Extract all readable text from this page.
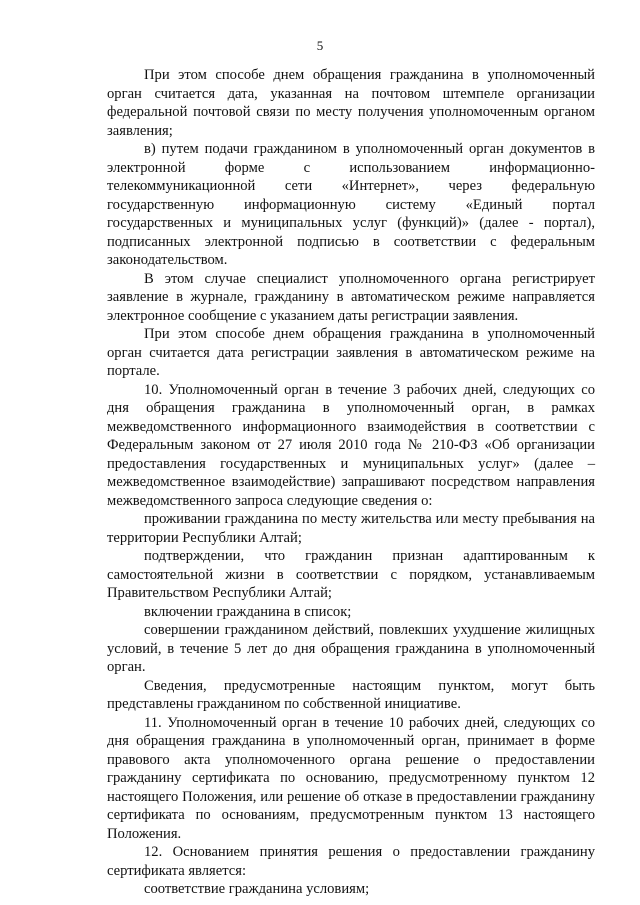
5

При этом способе днем обращения гражданина в уполномоченный орган считается дата, указанная на почтовом штемпеле организации федеральной почтовой связи по месту получения уполномоченным органом заявления;

в) путем подачи гражданином в уполномоченный орган документов в электронной форме с использованием информационно-телекоммуникационной сети «Интернет», через федеральную государственную информационную систему «Единый портал государственных и муниципальных услуг (функций)» (далее - портал), подписанных электронной подписью в соответствии с федеральным законодательством.

В этом случае специалист уполномоченного органа регистрирует заявление в журнале, гражданину в автоматическом режиме направляется электронное сообщение с указанием даты регистрации заявления.

При этом способе днем обращения гражданина в уполномоченный орган считается дата регистрации заявления в автоматическом режиме на портале.

10. Уполномоченный орган в течение 3 рабочих дней, следующих со дня обращения гражданина в уполномоченный орган, в рамках межведомственного информационного взаимодействия в соответствии с Федеральным законом от 27 июля 2010 года № 210-ФЗ «Об организации предоставления государственных и муниципальных услуг» (далее – межведомственное взаимодействие) запрашивают посредством направления межведомственного запроса следующие сведения о:

проживании гражданина по месту жительства или месту пребывания на территории Республики Алтай;

подтверждении, что гражданин признан адаптированным к самостоятельной жизни в соответствии с порядком, устанавливаемым Правительством Республики Алтай;

включении гражданина в список;

совершении гражданином действий, повлекших ухудшение жилищных условий, в течение 5 лет до дня обращения гражданина в уполномоченный орган.

Сведения, предусмотренные настоящим пунктом, могут быть представлены гражданином по собственной инициативе.

11. Уполномоченный орган в течение 10 рабочих дней, следующих со дня обращения гражданина в уполномоченный орган, принимает в форме правового акта уполномоченного органа решение о предоставлении гражданину сертификата по основанию, предусмотренному пунктом 12 настоящего Положения, или решение об отказе в предоставлении гражданину сертификата по основаниям, предусмотренным пунктом 13 настоящего Положения.

12. Основанием принятия решения о предоставлении гражданину сертификата является:

соответствие гражданина условиям;
